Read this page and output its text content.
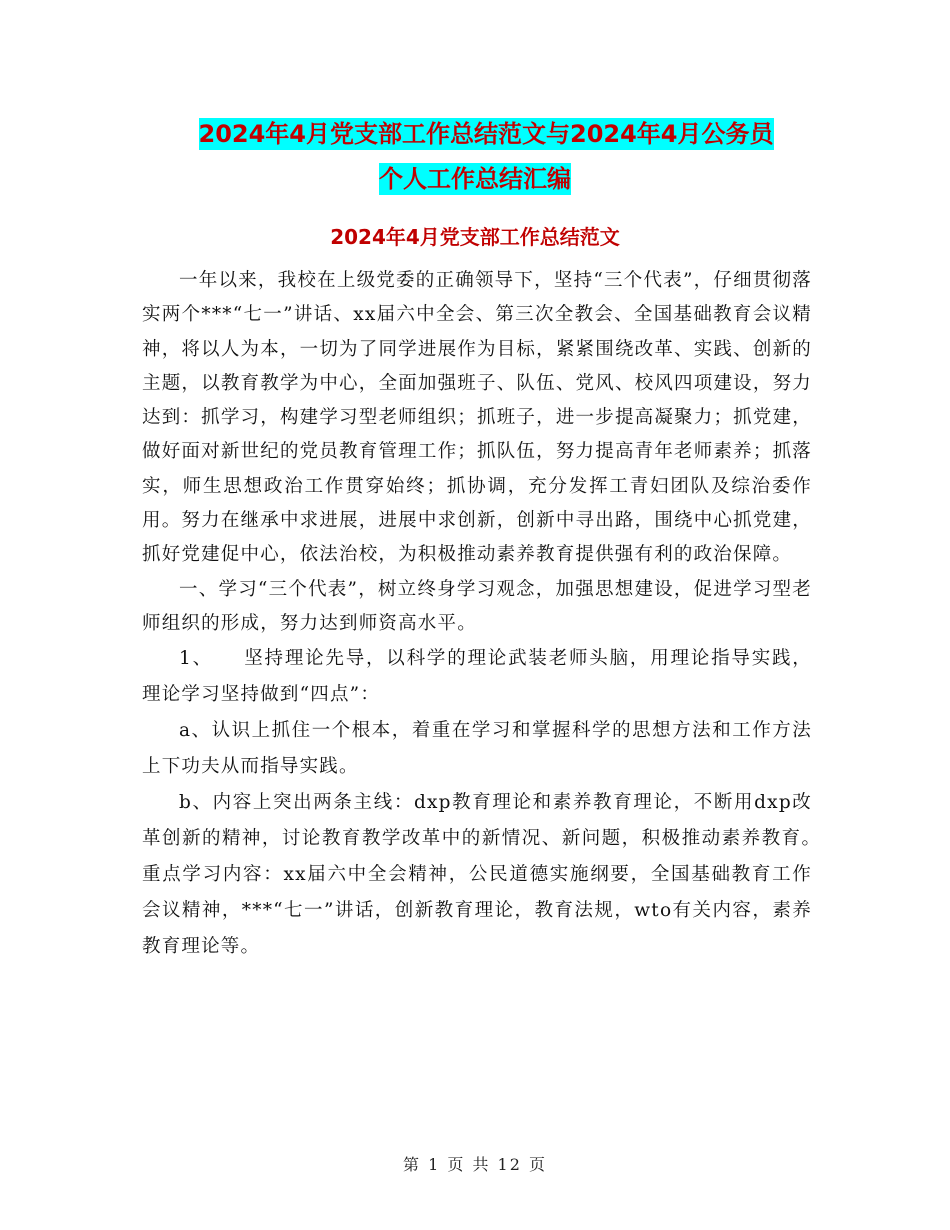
2024年4月党支部工作总结范文与2024年4月公务员
个人工作总结汇编
2024年4月党支部工作总结范文

一年以来，我校在上级党委的正确领导下，坚持“三个代表”，仔细贯彻落实两个***“七一”讲话、xx届六中全会、第三次全教会、全国基础教育会议精神，将以人为本，一切为了同学进展作为目标，紧紧围绕改革、实践、创新的主题，以教育教学为中心，全面加强班子、队伍、党风、校风四项建设，努力达到：抓学习，构建学习型老师组织；抓班子，进一步提高凝聚力；抓党建，做好面对新世纪的党员教育管理工作；抓队伍，努力提高青年老师素养；抓落实，师生思想政治工作贯穿始终；抓协调，充分发挥工青妇团队及综治委作用。努力在继承中求进展，进展中求创新，创新中寻出路，围绕中心抓党建，抓好党建促中心，依法治校，为积极推动素养教育提供强有利的政治保障。

一、学习“三个代表”，树立终身学习观念，加强思想建设，促进学习型老师组织的形成，努力达到师资高水平。

1、　　坚持理论先导，以科学的理论武装老师头脑，用理论指导实践，理论学习坚持做到“四点”：

a、认识上抓住一个根本，着重在学习和掌握科学的思想方法和工作方法上下功夫从而指导实践。

b、内容上突出两条主线：dxp教育理论和素养教育理论，不断用dxp改革创新的精神，讨论教育教学改革中的新情况、新问题，积极推动素养教育。　　重点学习内容：xx届六中全会精神，公民道德实施纲要，全国基础教育工作会议精神，***“七一”讲话，创新教育理论，教育法规，wto有关内容，素养教育理论等。

第 1 页 共 12 页
